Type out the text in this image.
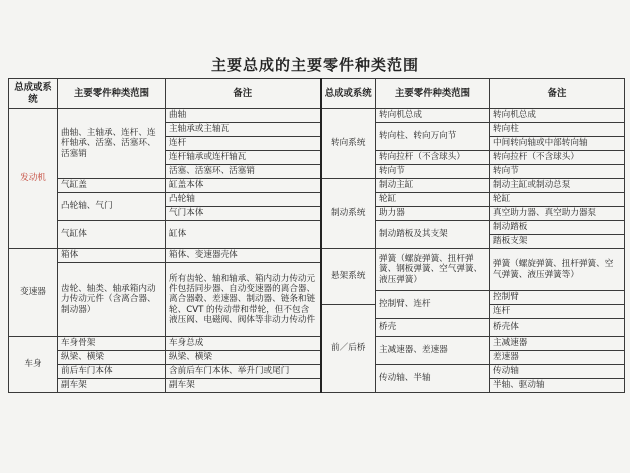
主要总成的主要零件种类范围
总成或系统	主要零件种类范围	备注	总成或系统	主要零件种类范围	备注
发动机	曲轴、主轴承、连杆、连杆轴承、活塞、活塞环、活塞销	曲轴	转向系统	转向机总成	转向机总成
		主轴承或主轴瓦		转向柱、转向万向节	转向柱
		连杆			中间转向轴或中部转向轴
		连杆轴承或连杆轴瓦		转向拉杆（不含球头）	转向拉杆（不含球头）
		活塞、活塞环、活塞销		转向节	转向节
	气缸盖	缸盖本体	制动系统	制动主缸	制动主缸或制动总泵
	凸轮轴、气门	凸轮轴		轮缸	轮缸
		气门本体		助力器	真空助力器、真空助力器泵
	气缸体	缸体		制动踏板及其支架	制动踏板
					踏板支架
变速器	箱体	箱体、变速器壳体	悬架系统	弹簧（螺旋弹簧、扭杆弹簧、钢板弹簧、空气弹簧、液压弹簧）	弹簧（螺旋弹簧、扭杆弹簧、空气弹簧、液压弹簧等）
	齿轮、轴类、轴承箱内动力传动元件（含离合器、制动器）	所有齿轮、轴和轴承、箱内动力传动元件包括同步器、自动变速器的离合器、离合器毂、差速器、制动器、链条和链轮、CVT 的传动带和带轮，但不包含液压阀、电磁阀、阀体等非动力传动件			
				控制臂、连杆	控制臂
			前／后桥		连杆
				桥壳	桥壳体
车身	车身骨架	车身总成		主减速器、差速器	主减速器
	纵梁、横梁	纵梁、横梁			差速器
	前后车门本体	含前后车门本体、举升门或尾门		传动轴、半轴	传动轴
	副车架	副车架			半轴、驱动轴
